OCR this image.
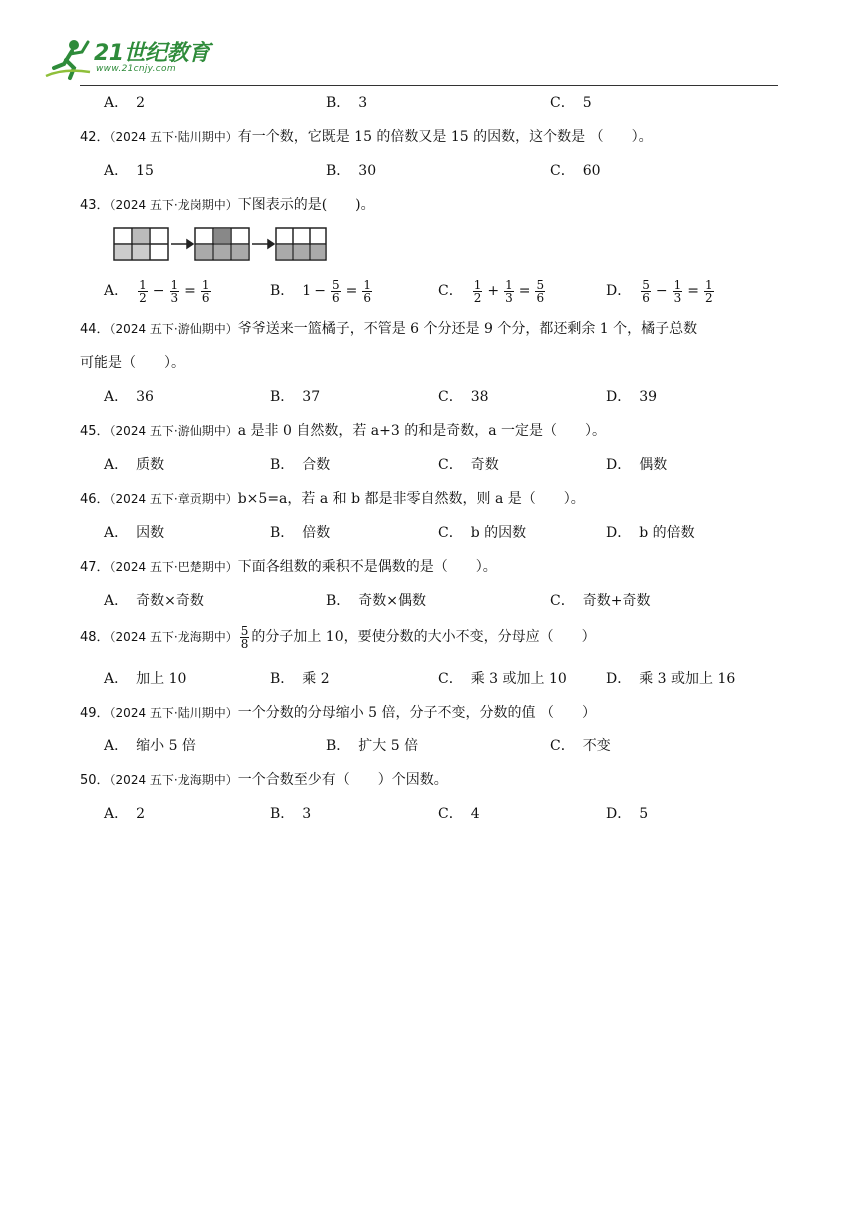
21世纪教育
www.21cnjy.com
A． 2	B． 3	C． 5
42．（2024 五下·陆川期中）有一个数，它既是 15 的倍数又是 15 的因数，这个数是 （　　）。
A． 15	B． 30	C． 60
43．（2024 五下·龙岗期中）下图表示的是(　　)。
A． $\frac{1}{2} - \frac{1}{3} = \frac{1}{6}$	B． $1 - \frac{5}{6} = \frac{1}{6}$	C． $\frac{1}{2} + \frac{1}{3} = \frac{5}{6}$	D． $\frac{5}{6} - \frac{1}{3} = \frac{1}{2}$
44．（2024 五下·游仙期中）爷爷送来一篮橘子，不管是 6 个分还是 9 个分，都还剩余 1 个，橘子总数
可能是（　　）。
A． 36	B． 37	C． 38	D． 39
45．（2024 五下·游仙期中）a 是非 0 自然数，若 a+3 的和是奇数，a 一定是（　　）。
A． 质数	B． 合数	C． 奇数	D． 偶数
46．（2024 五下·章贡期中）b×5=a，若 a 和 b 都是非零自然数，则 a 是（　　）。
A． 因数	B． 倍数	C． b 的因数	D． b 的倍数
47．（2024 五下·巴楚期中）下面各组数的乘积不是偶数的是（　　）。
A． 奇数×奇数	B． 奇数×偶数	C． 奇数+奇数
48．（2024 五下·龙海期中） $\frac{5}{8}$ 的分子加上 10，要使分数的大小不变，分母应（　　）
A． 加上 10	B． 乘 2	C． 乘 3 或加上 10	D． 乘 3 或加上 16
49．（2024 五下·陆川期中）一个分数的分母缩小 5 倍，分子不变，分数的值 （　　）
A． 缩小 5 倍	B． 扩大 5 倍	C． 不变
50．（2024 五下·龙海期中）一个合数至少有（　　）个因数。
A． 2	B． 3	C． 4	D． 5
